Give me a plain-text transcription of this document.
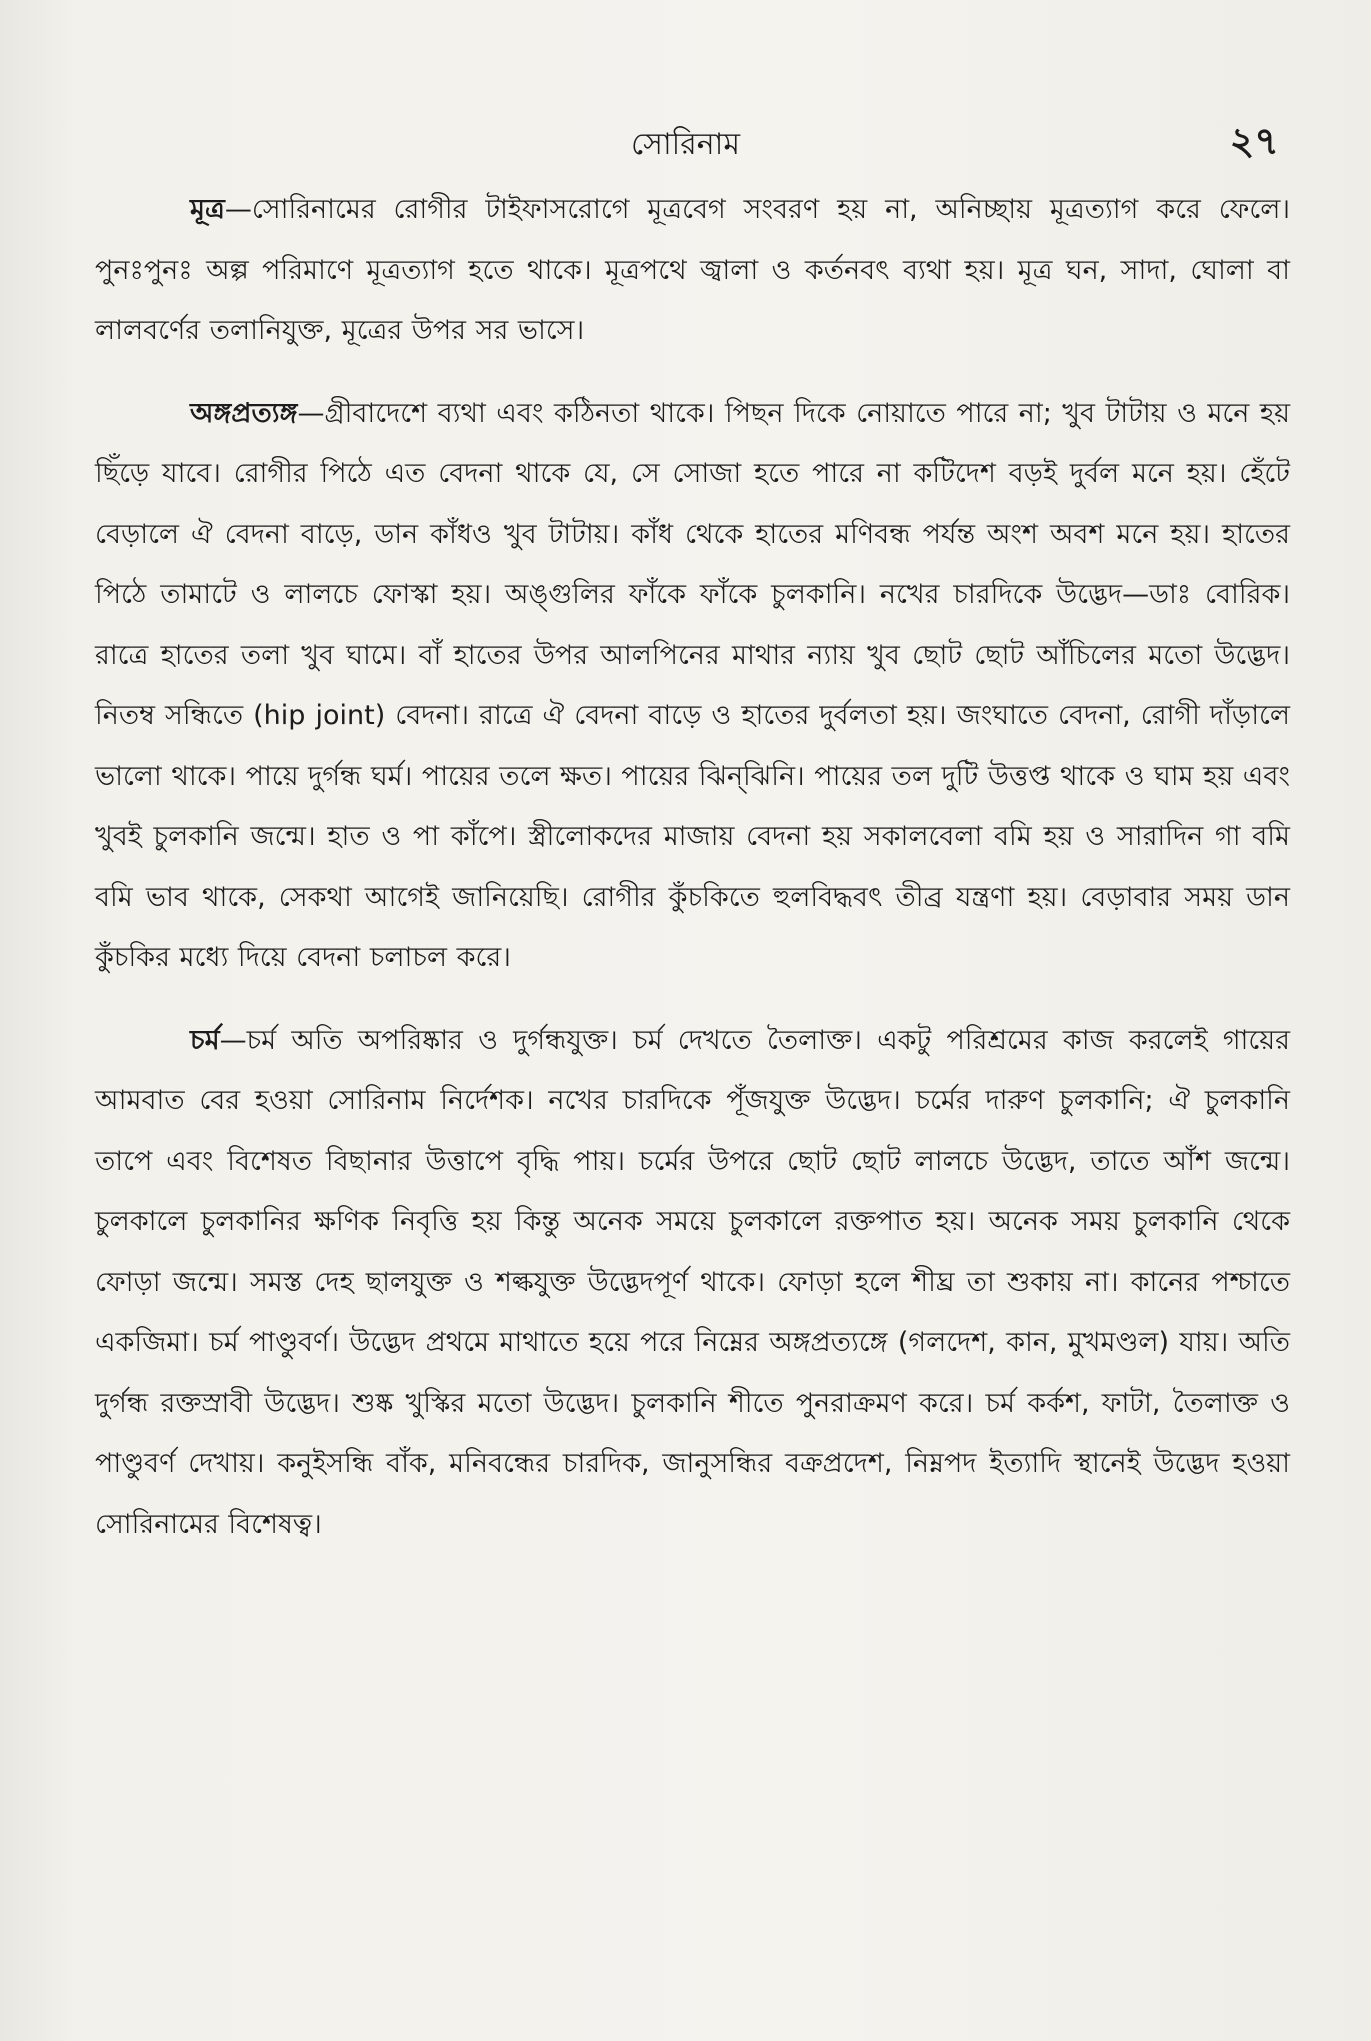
সোরিনাম	২৭

মূত্র—সোরিনামের রোগীর টাইফাসরোগে মূত্রবেগ সংবরণ হয় না, অনিচ্ছায় মূত্রত্যাগ করে ফেলে। পুনঃপুনঃ অল্প পরিমাণে মূত্রত্যাগ হতে থাকে। মূত্রপথে জ্বালা ও কর্তনবৎ ব্যথা হয়। মূত্র ঘন, সাদা, ঘোলা বা লালবর্ণের তলানিযুক্ত, মূত্রের উপর সর ভাসে।

অঙ্গপ্রত্যঙ্গ—গ্রীবাদেশে ব্যথা এবং কঠিনতা থাকে। পিছন দিকে নোয়াতে পারে না; খুব টাটায় ও মনে হয় ছিঁড়ে যাবে। রোগীর পিঠে এত বেদনা থাকে যে, সে সোজা হতে পারে না কটিদেশ বড়ই দুর্বল মনে হয়। হেঁটে বেড়ালে ঐ বেদনা বাড়ে, ডান কাঁধও খুব টাটায়। কাঁধ থেকে হাতের মণিবন্ধ পর্যন্ত অংশ অবশ মনে হয়। হাতের পিঠে তামাটে ও লালচে ফোস্কা হয়। অঙ্গুলির ফাঁকে ফাঁকে চুলকানি। নখের চারদিকে উদ্ভেদ—ডাঃ বোরিক। রাত্রে হাতের তলা খুব ঘামে। বাঁ হাতের উপর আলপিনের মাথার ন্যায় খুব ছোট ছোট আঁচিলের মতো উদ্ভেদ। নিতম্ব সন্ধিতে (hip joint) বেদনা। রাত্রে ঐ বেদনা বাড়ে ও হাতের দুর্বলতা হয়। জংঘাতে বেদনা, রোগী দাঁড়ালে ভালো থাকে। পায়ে দুর্গন্ধ ঘর্ম। পায়ের তলে ক্ষত। পায়ের ঝিন্‌ঝিনি। পায়ের তল দুটি উত্তপ্ত থাকে ও ঘাম হয় এবং খুবই চুলকানি জন্মে। হাত ও পা কাঁপে। স্ত্রীলোকদের মাজায় বেদনা হয় সকালবেলা বমি হয় ও সারাদিন গা বমি বমি ভাব থাকে, সেকথা আগেই জানিয়েছি। রোগীর কুঁচকিতে হুলবিদ্ধবৎ তীব্র যন্ত্রণা হয়। বেড়াবার সময় ডান কুঁচকির মধ্যে দিয়ে বেদনা চলাচল করে।

চর্ম—চর্ম অতি অপরিষ্কার ও দুর্গন্ধযুক্ত। চর্ম দেখতে তৈলাক্ত। একটু পরিশ্রমের কাজ করলেই গায়ের আমবাত বের হওয়া সোরিনাম নির্দেশক। নখের চারদিকে পূঁজযুক্ত উদ্ভেদ। চর্মের দারুণ চুলকানি; ঐ চুলকানি তাপে এবং বিশেষত বিছানার উত্তাপে বৃদ্ধি পায়। চর্মের উপরে ছোট ছোট লালচে উদ্ভেদ, তাতে আঁশ জন্মে। চুলকালে চুলকানির ক্ষণিক নিবৃত্তি হয় কিন্তু অনেক সময়ে চুলকালে রক্তপাত হয়। অনেক সময় চুলকানি থেকে ফোড়া জন্মে। সমস্ত দেহ ছালযুক্ত ও শল্কযুক্ত উদ্ভেদপূর্ণ থাকে। ফোড়া হলে শীঘ্র তা শুকায় না। কানের পশ্চাতে একজিমা। চর্ম পাণ্ডুবর্ণ। উদ্ভেদ প্রথমে মাথাতে হয়ে পরে নিম্নের অঙ্গপ্রত্যঙ্গে (গলদেশ, কান, মুখমণ্ডল) যায়। অতি দুর্গন্ধ রক্তস্রাবী উদ্ভেদ। শুষ্ক খুস্কির মতো উদ্ভেদ। চুলকানি শীতে পুনরাক্রমণ করে। চর্ম কর্কশ, ফাটা, তৈলাক্ত ও পাণ্ডুবর্ণ দেখায়। কনুইসন্ধি বাঁক, মনিবন্ধের চারদিক, জানুসন্ধির বক্রপ্রদেশ, নিম্নপদ ইত্যাদি স্থানেই উদ্ভেদ হওয়া সোরিনামের বিশেষত্ব।
